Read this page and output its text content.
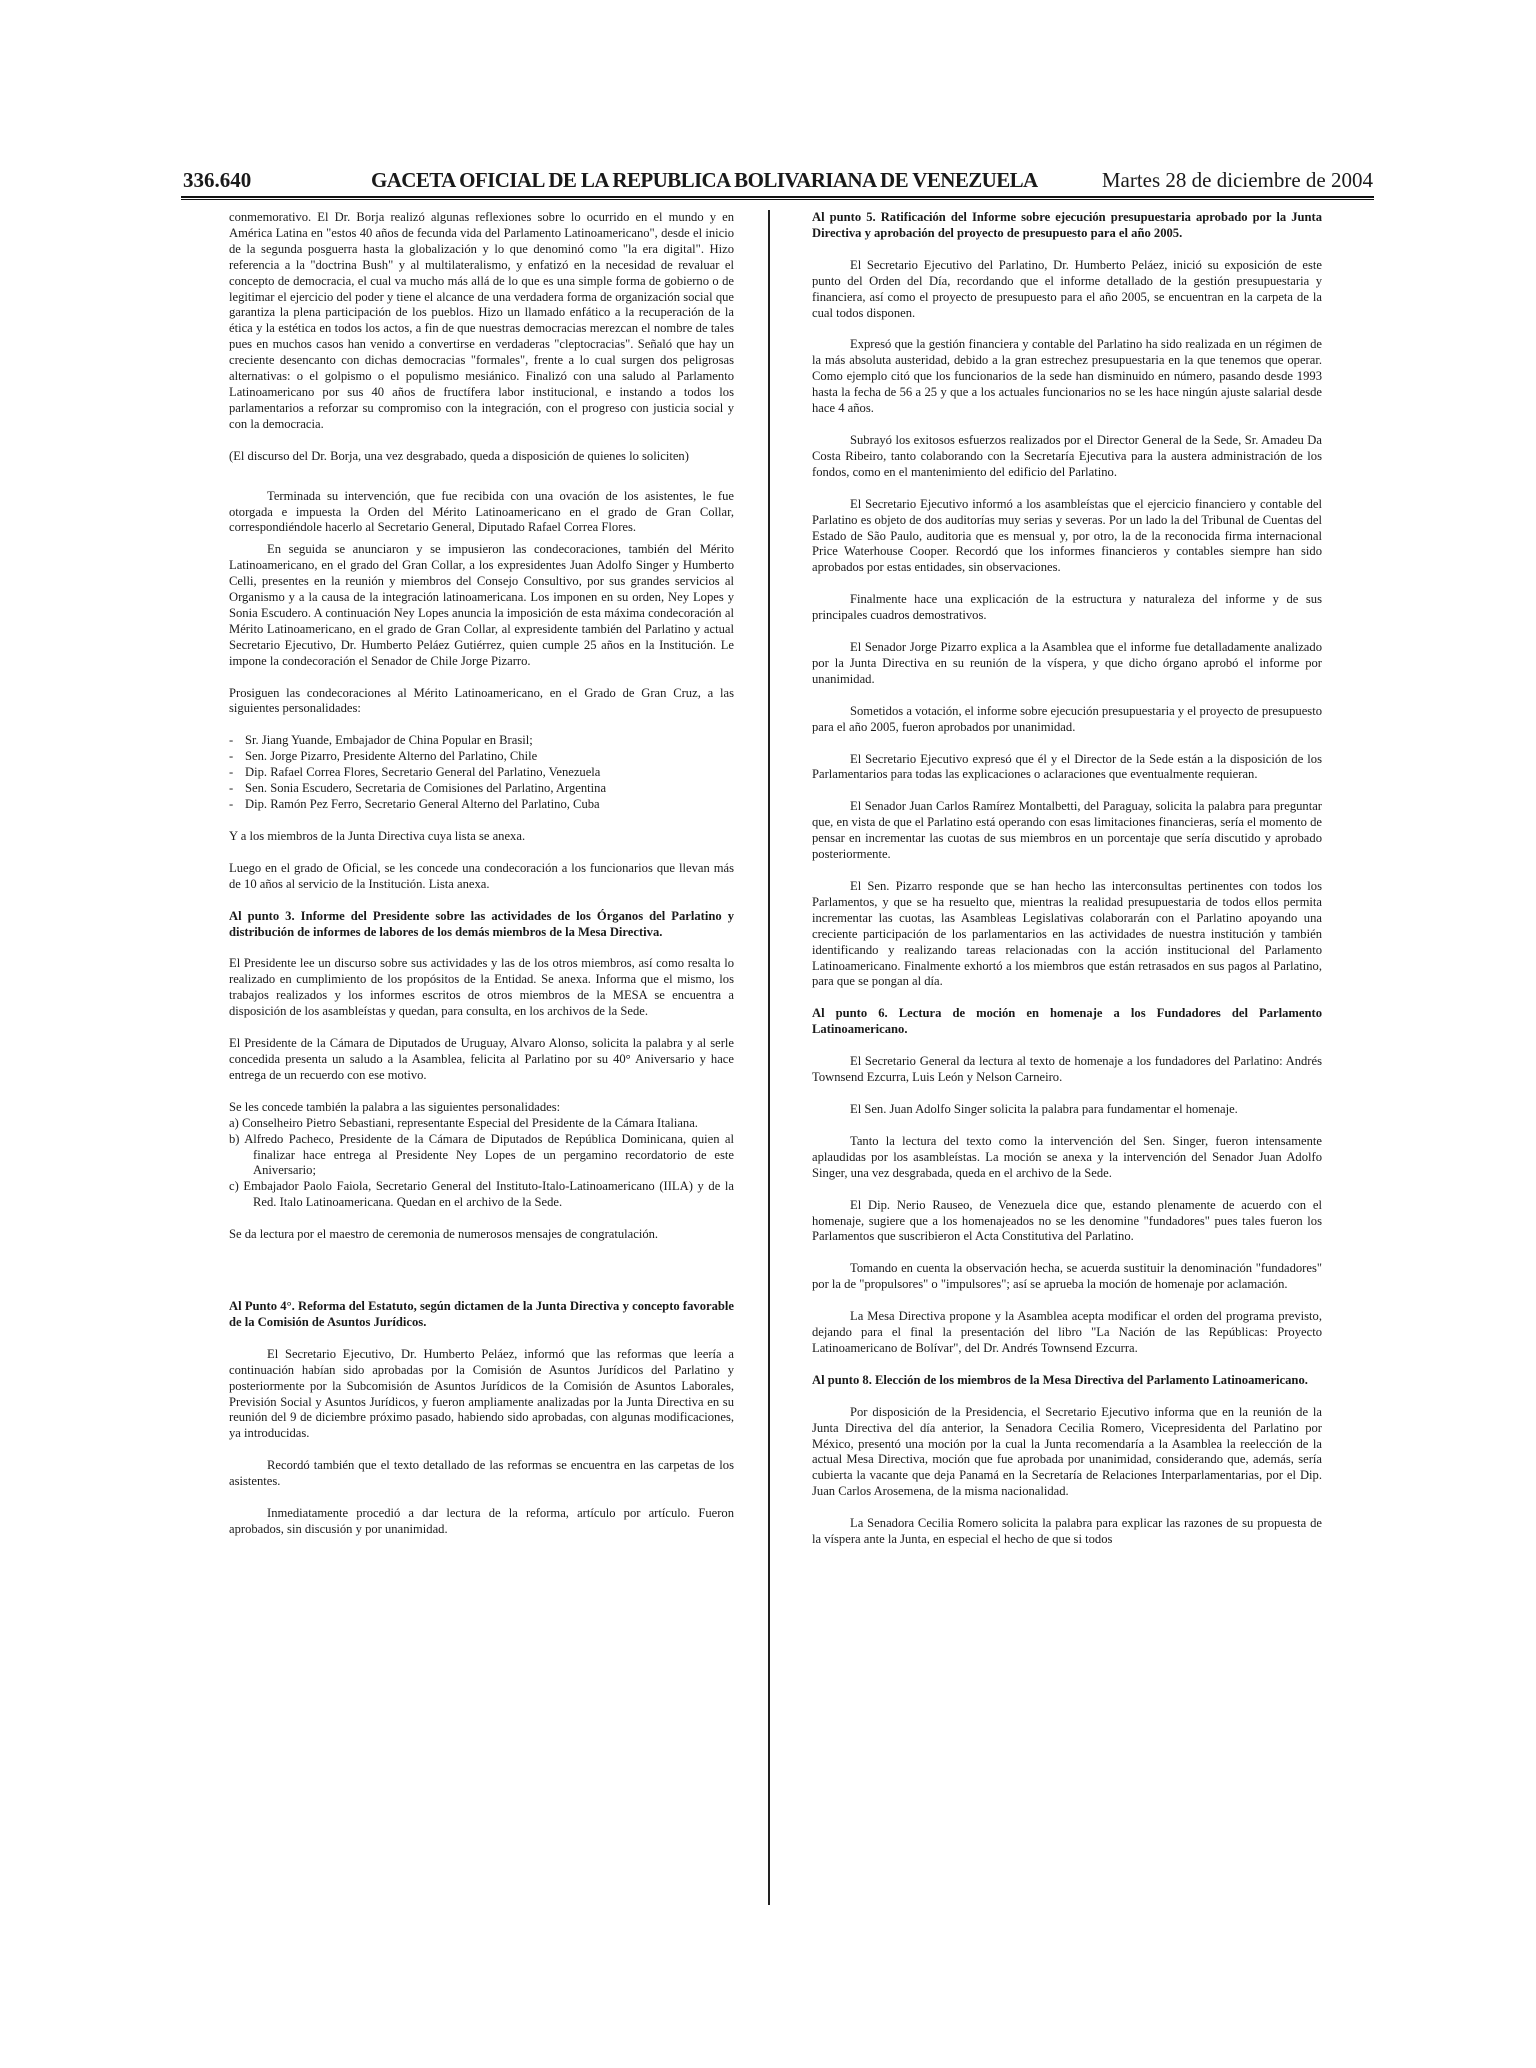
336.640	GACETA OFICIAL DE LA REPUBLICA BOLIVARIANA DE VENEZUELA	Martes 28 de diciembre de 2004

conmemorativo. El Dr. Borja realizó algunas reflexiones sobre lo ocurrido en el mundo y en América Latina en "estos 40 años de fecunda vida del Parlamento Latinoamericano", desde el inicio de la segunda posguerra hasta la globalización y lo que denominó como "la era digital". Hizo referencia a la "doctrina Bush" y al multilateralismo, y enfatizó en la necesidad de revaluar el concepto de democracia, el cual va mucho más allá de lo que es una simple forma de gobierno o de legitimar el ejercicio del poder y tiene el alcance de una verdadera forma de organización social que garantiza la plena participación de los pueblos. Hizo un llamado enfático a la recuperación de la ética y la estética en todos los actos, a fin de que nuestras democracias merezcan el nombre de tales pues en muchos casos han venido a convertirse en verdaderas "cleptocracias". Señaló que hay un creciente desencanto con dichas democracias "formales", frente a lo cual surgen dos peligrosas alternativas: o el golpismo o el populismo mesiánico. Finalizó con una saludo al Parlamento Latinoamericano por sus 40 años de fructífera labor institucional, e instando a todos los parlamentarios a reforzar su compromiso con la integración, con el progreso con justicia social y con la democracia.

(El discurso del Dr. Borja, una vez desgrabado, queda a disposición de quienes lo soliciten)

Terminada su intervención, que fue recibida con una ovación de los asistentes, le fue otorgada e impuesta la Orden del Mérito Latinoamericano en el grado de Gran Collar, correspondiéndole hacerlo al Secretario General, Diputado Rafael Correa Flores.

En seguida se anunciaron y se impusieron las condecoraciones, también del Mérito Latinoamericano, en el grado del Gran Collar, a los expresidentes Juan Adolfo Singer y Humberto Celli, presentes en la reunión y miembros del Consejo Consultivo, por sus grandes servicios al Organismo y a la causa de la integración latinoamericana. Los imponen en su orden, Ney Lopes y Sonia Escudero. A continuación Ney Lopes anuncia la imposición de esta máxima condecoración al Mérito Latinoamericano, en el grado de Gran Collar, al expresidente también del Parlatino y actual Secretario Ejecutivo, Dr. Humberto Peláez Gutiérrez, quien cumple 25 años en la Institución. Le impone la condecoración el Senador de Chile Jorge Pizarro.

Prosiguen las condecoraciones al Mérito Latinoamericano, en el Grado de Gran Cruz, a las siguientes personalidades:

- Sr. Jiang Yuande, Embajador de China Popular en Brasil;
- Sen. Jorge Pizarro, Presidente Alterno del Parlatino, Chile
- Dip. Rafael Correa Flores, Secretario General del Parlatino, Venezuela
- Sen. Sonia Escudero, Secretaria de Comisiones del Parlatino, Argentina
- Dip. Ramón Pez Ferro, Secretario General Alterno del Parlatino, Cuba

Y a los miembros de la Junta Directiva cuya lista se anexa.

Luego en el grado de Oficial, se les concede una condecoración a los funcionarios que llevan más de 10 años al servicio de la Institución. Lista anexa.

Al punto 3. Informe del Presidente sobre las actividades de los Órganos del Parlatino y distribución de informes de labores de los demás miembros de la Mesa Directiva.

El Presidente lee un discurso sobre sus actividades y las de los otros miembros, así como resalta lo realizado en cumplimiento de los propósitos de la Entidad. Se anexa. Informa que el mismo, los trabajos realizados y los informes escritos de otros miembros de la MESA se encuentra a disposición de los asambleístas y quedan, para consulta, en los archivos de la Sede.

El Presidente de la Cámara de Diputados de Uruguay, Alvaro Alonso, solicita la palabra y al serle concedida presenta un saludo a la Asamblea, felicita al Parlatino por su 40° Aniversario y hace entrega de un recuerdo con ese motivo.

Se les concede también la palabra a las siguientes personalidades:

a) Conselheiro Pietro Sebastiani, representante Especial del Presidente de la Cámara Italiana.
b) Alfredo Pacheco, Presidente de la Cámara de Diputados de República Dominicana, quien al finalizar hace entrega al Presidente Ney Lopes de un pergamino recordatorio de este Aniversario;
c) Embajador Paolo Faiola, Secretario General del Instituto-Italo-Latinoamericano (IILA) y de la Red. Italo Latinoamericana. Quedan en el archivo de la Sede.

Se da lectura por el maestro de ceremonia de numerosos mensajes de congratulación.

Al Punto 4°. Reforma del Estatuto, según dictamen de la Junta Directiva y concepto favorable de la Comisión de Asuntos Jurídicos.

El Secretario Ejecutivo, Dr. Humberto Peláez, informó que las reformas que leería a continuación habían sido aprobadas por la Comisión de Asuntos Jurídicos del Parlatino y posteriormente por la Subcomisión de Asuntos Jurídicos de la Comisión de Asuntos Laborales, Previsión Social y Asuntos Jurídicos, y fueron ampliamente analizadas por la Junta Directiva en su reunión del 9 de diciembre próximo pasado, habiendo sido aprobadas, con algunas modificaciones, ya introducidas.

Recordó también que el texto detallado de las reformas se encuentra en las carpetas de los asistentes.

Inmediatamente procedió a dar lectura de la reforma, artículo por artículo. Fueron aprobados, sin discusión y por unanimidad.

Al punto 5. Ratificación del Informe sobre ejecución presupuestaria aprobado por la Junta Directiva y aprobación del proyecto de presupuesto para el año 2005.

El Secretario Ejecutivo del Parlatino, Dr. Humberto Peláez, inició su exposición de este punto del Orden del Día, recordando que el informe detallado de la gestión presupuestaria y financiera, así como el proyecto de presupuesto para el año 2005, se encuentran en la carpeta de la cual todos disponen.

Expresó que la gestión financiera y contable del Parlatino ha sido realizada en un régimen de la más absoluta austeridad, debido a la gran estrechez presupuestaria en la que tenemos que operar. Como ejemplo citó que los funcionarios de la sede han disminuido en número, pasando desde 1993 hasta la fecha de 56 a 25 y que a los actuales funcionarios no se les hace ningún ajuste salarial desde hace 4 años.

Subrayó los exitosos esfuerzos realizados por el Director General de la Sede, Sr. Amadeu Da Costa Ribeiro, tanto colaborando con la Secretaría Ejecutiva para la austera administración de los fondos, como en el mantenimiento del edificio del Parlatino.

El Secretario Ejecutivo informó a los asambleístas que el ejercicio financiero y contable del Parlatino es objeto de dos auditorías muy serias y severas. Por un lado la del Tribunal de Cuentas del Estado de São Paulo, auditoria que es mensual y, por otro, la de la reconocida firma internacional Price Waterhouse Cooper. Recordó que los informes financieros y contables siempre han sido aprobados por estas entidades, sin observaciones.

Finalmente hace una explicación de la estructura y naturaleza del informe y de sus principales cuadros demostrativos.

El Senador Jorge Pizarro explica a la Asamblea que el informe fue detalladamente analizado por la Junta Directiva en su reunión de la víspera, y que dicho órgano aprobó el informe por unanimidad.

Sometidos a votación, el informe sobre ejecución presupuestaria y el proyecto de presupuesto para el año 2005, fueron aprobados por unanimidad.

El Secretario Ejecutivo expresó que él y el Director de la Sede están a la disposición de los Parlamentarios para todas las explicaciones o aclaraciones que eventualmente requieran.

El Senador Juan Carlos Ramírez Montalbetti, del Paraguay, solicita la palabra para preguntar que, en vista de que el Parlatino está operando con esas limitaciones financieras, sería el momento de pensar en incrementar las cuotas de sus miembros en un porcentaje que sería discutido y aprobado posteriormente.

El Sen. Pizarro responde que se han hecho las interconsultas pertinentes con todos los Parlamentos, y que se ha resuelto que, mientras la realidad presupuestaria de todos ellos permita incrementar las cuotas, las Asambleas Legislativas colaborarán con el Parlatino apoyando una creciente participación de los parlamentarios en las actividades de nuestra institución y también identificando y realizando tareas relacionadas con la acción institucional del Parlamento Latinoamericano. Finalmente exhortó a los miembros que están retrasados en sus pagos al Parlatino, para que se pongan al día.

Al punto 6. Lectura de moción en homenaje a los Fundadores del Parlamento Latinoamericano.

El Secretario General da lectura al texto de homenaje a los fundadores del Parlatino: Andrés Townsend Ezcurra, Luis León y Nelson Carneiro.

El Sen. Juan Adolfo Singer solicita la palabra para fundamentar el homenaje.

Tanto la lectura del texto como la intervención del Sen. Singer, fueron intensamente aplaudidas por los asambleístas. La moción se anexa y la intervención del Senador Juan Adolfo Singer, una vez desgrabada, queda en el archivo de la Sede.

El Dip. Nerio Rauseo, de Venezuela dice que, estando plenamente de acuerdo con el homenaje, sugiere que a los homenajeados no se les denomine "fundadores" pues tales fueron los Parlamentos que suscribieron el Acta Constitutiva del Parlatino.

Tomando en cuenta la observación hecha, se acuerda sustituir la denominación "fundadores" por la de "propulsores" o "impulsores"; así se aprueba la moción de homenaje por aclamación.

La Mesa Directiva propone y la Asamblea acepta modificar el orden del programa previsto, dejando para el final la presentación del libro "La Nación de las Repúblicas: Proyecto Latinoamericano de Bolívar", del Dr. Andrés Townsend Ezcurra.

Al punto 8. Elección de los miembros de la Mesa Directiva del Parlamento Latinoamericano.

Por disposición de la Presidencia, el Secretario Ejecutivo informa que en la reunión de la Junta Directiva del día anterior, la Senadora Cecilia Romero, Vicepresidenta del Parlatino por México, presentó una moción por la cual la Junta recomendaría a la Asamblea la reelección de la actual Mesa Directiva, moción que fue aprobada por unanimidad, considerando que, además, sería cubierta la vacante que deja Panamá en la Secretaría de Relaciones Interparlamentarias, por el Dip. Juan Carlos Arosemena, de la misma nacionalidad.

La Senadora Cecilia Romero solicita la palabra para explicar las razones de su propuesta de la víspera ante la Junta, en especial el hecho de que si todos
